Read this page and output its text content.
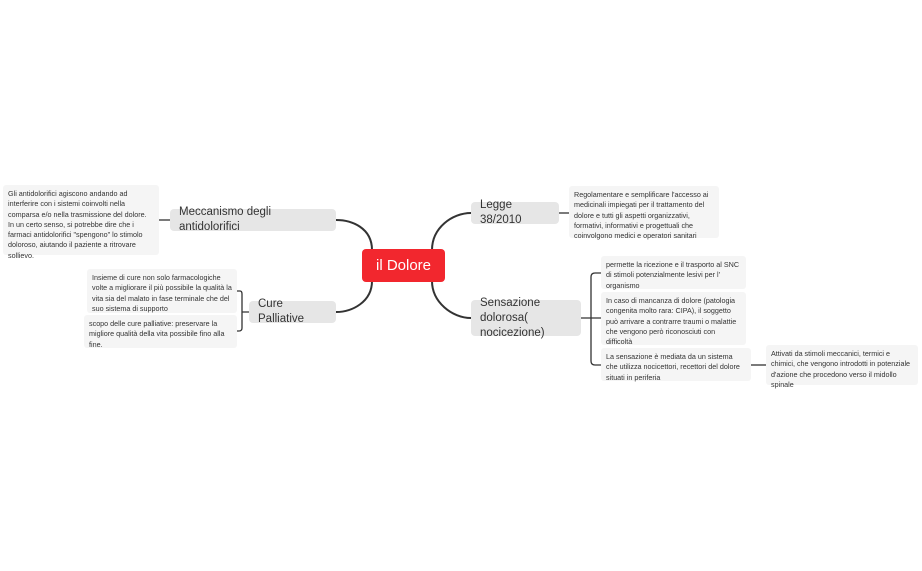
il Dolore
Meccanismo degli antidolorifici
Cure Palliative
Legge 38/2010
Sensazione dolorosa( nocicezione)
Gli antidolorifici agiscono andando ad interferire con i sistemi coinvolti nella comparsa e/o nella trasmissione del dolore. In un certo senso, si potrebbe dire che i farmaci antidolorifici "spengono" lo stimolo doloroso, aiutando il paziente a ritrovare sollievo.
Insieme di cure non solo farmacologiche volte a migliorare il più possibile la qualità la vita sia del malato in fase terminale che del suo sistema di supporto
scopo delle cure palliative: preservare la migliore qualità della vita possibile fino alla fine.
Regolamentare e semplificare l'accesso ai medicinali impiegati per il trattamento del dolore e tutti gli aspetti organizzativi, formativi, informativi e progettuali che coinvolgono medici e operatori sanitari
permette la ricezione e il trasporto al SNC di stimoli potenzialmente lesivi per l' organismo
In caso di mancanza di dolore (patologia congenita molto rara: CIPA), il soggetto può arrivare a contrarre traumi o malattie che vengono però riconosciuti con difficoltà
La sensazione è mediata da un sistema che utilizza nocicettori, recettori del dolore situati in periferia
Attivati da stimoli meccanici, termici e chimici, che vengono introdotti in potenziale d'azione che procedono verso il midollo spinale
